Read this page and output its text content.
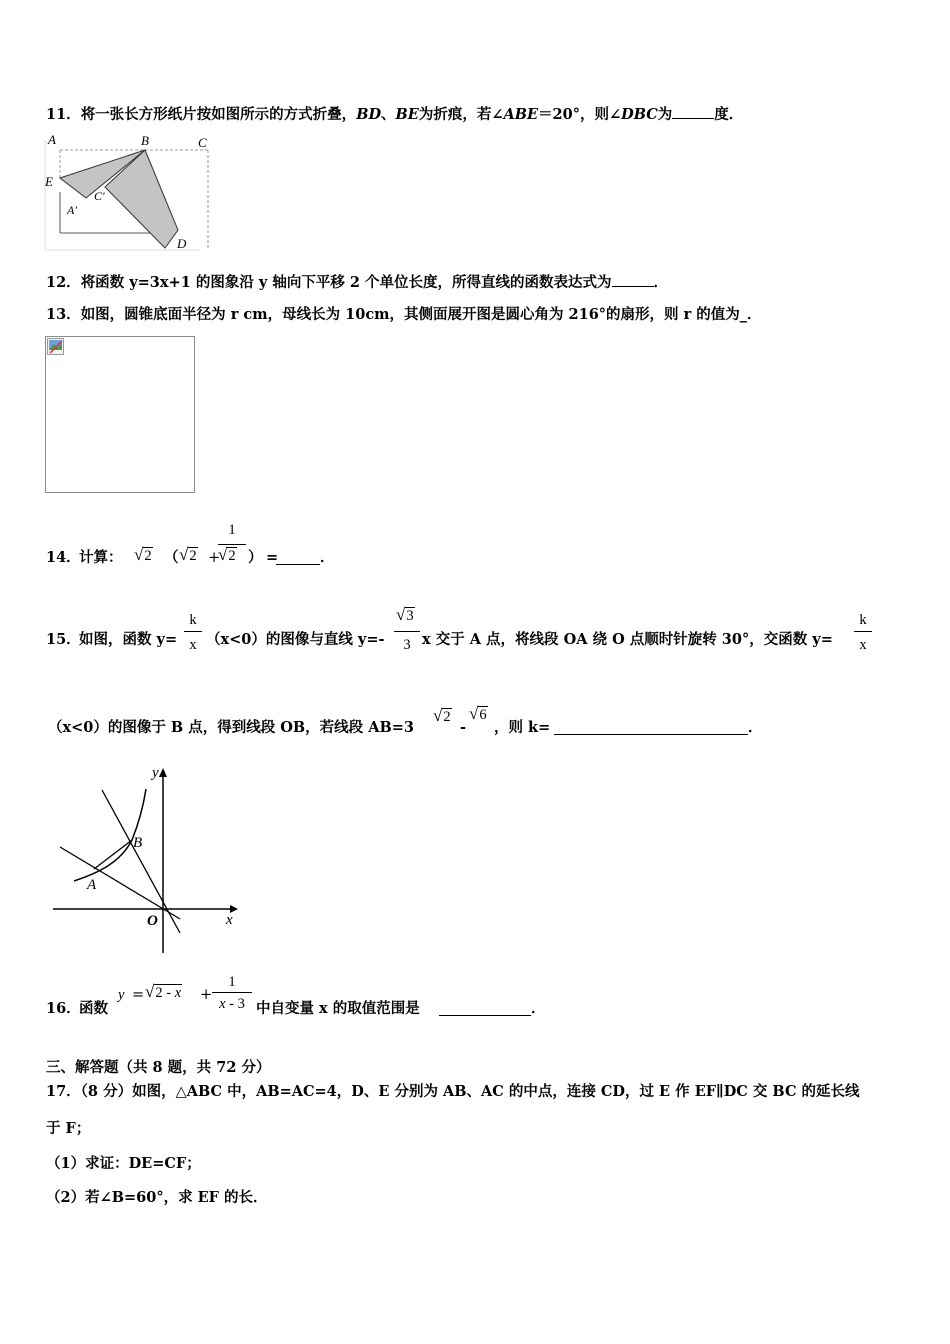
11．将一张长方形纸片按如图所示的方式折叠，BD、BE为折痕，若∠ABE＝20°，则∠DBC为	度．
A	B	C
E
A'
C'
D
12．将函数 y=3x+1 的图象沿 y 轴向下平移 2 个单位长度，所得直线的函数表达式为	．
13．如图，圆锥底面半径为 r cm，母线长为 10cm，其侧面展开图是圆心角为 216°的扇形，则 r 的值为_．
14．
计算： √2 （ √2 +
1
√2 ） =	．
15．
如图，函数 y=
k
x （x<0）的图像与直线 y=-
√3
3 x 交于 A 点，将线段 OA 绕 O 点顺时针旋转 30°，交函数 y=
k
x
（x<0）的图像于 B 点，得到线段 OB，若线段 AB=3
√2
-
√6
，则 k=	．
y
x
A
B
O
16．
函数
y = √2 - x +
1
x - 3 中自变量 x 的取值范围是	．
三、解答题（共 8 题，共 72 分）
17．（8 分）如图，△ABC 中，AB=AC=4，D、E 分别为 AB、AC 的中点，连接 CD，过 E 作 EF∥DC 交 BC 的延长线
于 F；
（1）求证：DE=CF；
（2）若∠B=60°，求 EF 的长．
